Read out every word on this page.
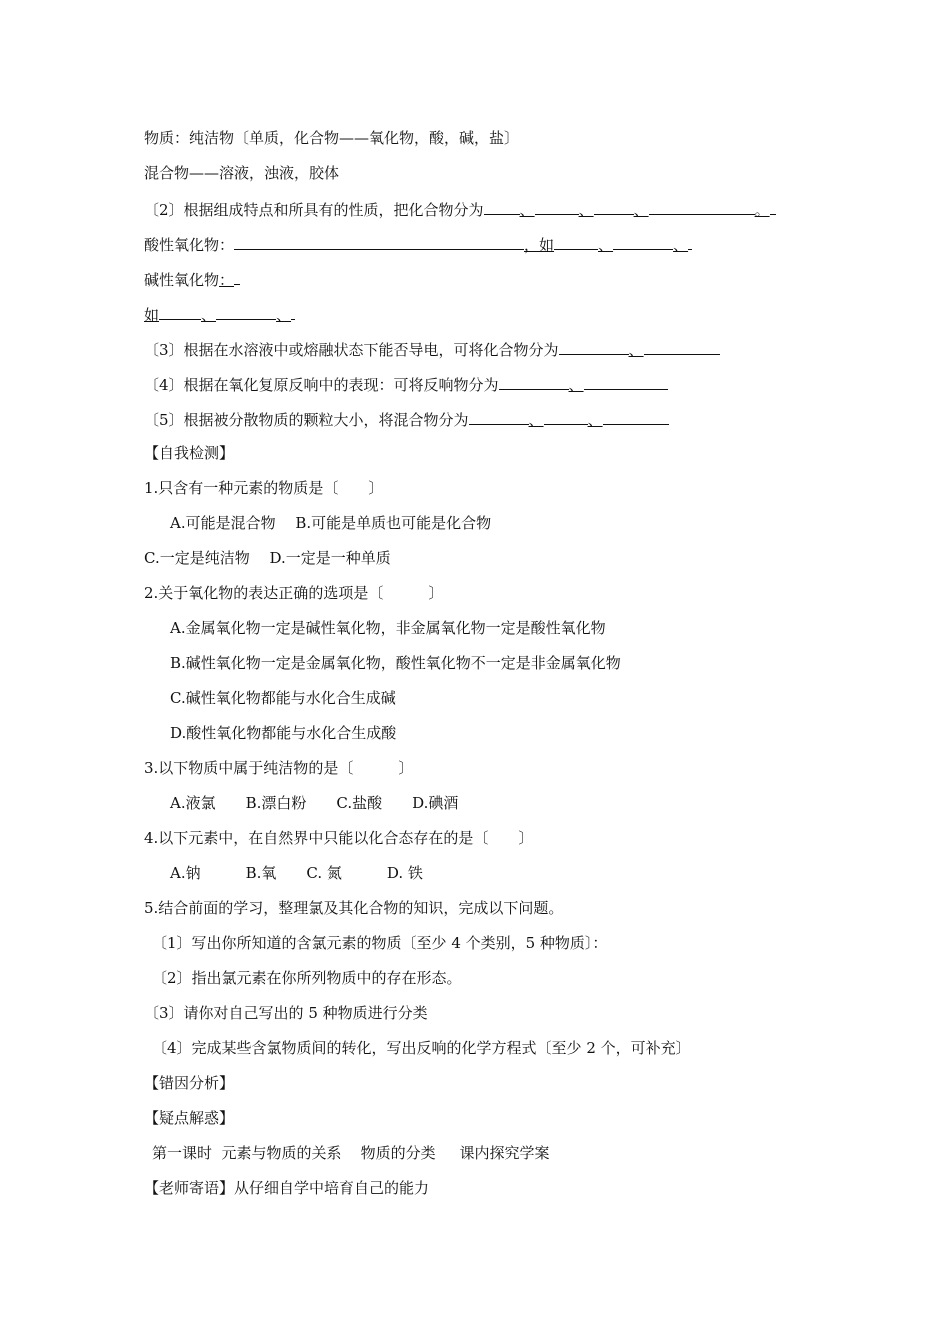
物质：纯洁物〔单质，化合物——氧化物，酸，碱，盐〕
混合物——溶液，浊液，胶体
〔2〕根据组成特点和所具有的性质，把化合物分为 、	、	、	。
酸性氧化物：	，如	、	、
碱性氧化物：
如	、	、
〔3〕根据在水溶液中或熔融状态下能否导电，可将化合物分为	、
〔4〕根据在氧化复原反响中的表现：可将反响物分为	、
〔5〕根据被分散物质的颗粒大小，将混合物分为	、	、
【自我检测】
1.只含有一种元素的物质是〔　　〕
A.可能是混合物　 B.可能是单质也可能是化合物
C.一定是纯洁物　 D.一定是一种单质
2.关于氧化物的表达正确的选项是〔　　　〕
A.金属氧化物一定是碱性氧化物，非金属氧化物一定是酸性氧化物
B.碱性氧化物一定是金属氧化物，酸性氧化物不一定是非金属氧化物
C.碱性氧化物都能与水化合生成碱
D.酸性氧化物都能与水化合生成酸
3.以下物质中属于纯洁物的是〔　　　〕
A.液氯　　B.漂白粉　　C.盐酸　　D.碘酒
4.以下元素中，在自然界中只能以化合态存在的是〔　　〕
A.钠　　　B.氧　　C. 氮　　　D. 铁
5.结合前面的学习，整理氯及其化合物的知识，完成以下问题。
〔1〕写出你所知道的含氯元素的物质〔至少 4 个类别，5 种物质〕：
〔2〕指出氯元素在你所列物质中的存在形态。
〔3〕请你对自己写出的 5 种物质进行分类
〔4〕完成某些含氯物质间的转化，写出反响的化学方程式〔至少 2 个，可补充〕
【错因分析】
【疑点解惑】
第一课时  元素与物质的关系    物质的分类     课内探究学案
【老师寄语】从仔细自学中培育自己的能力
